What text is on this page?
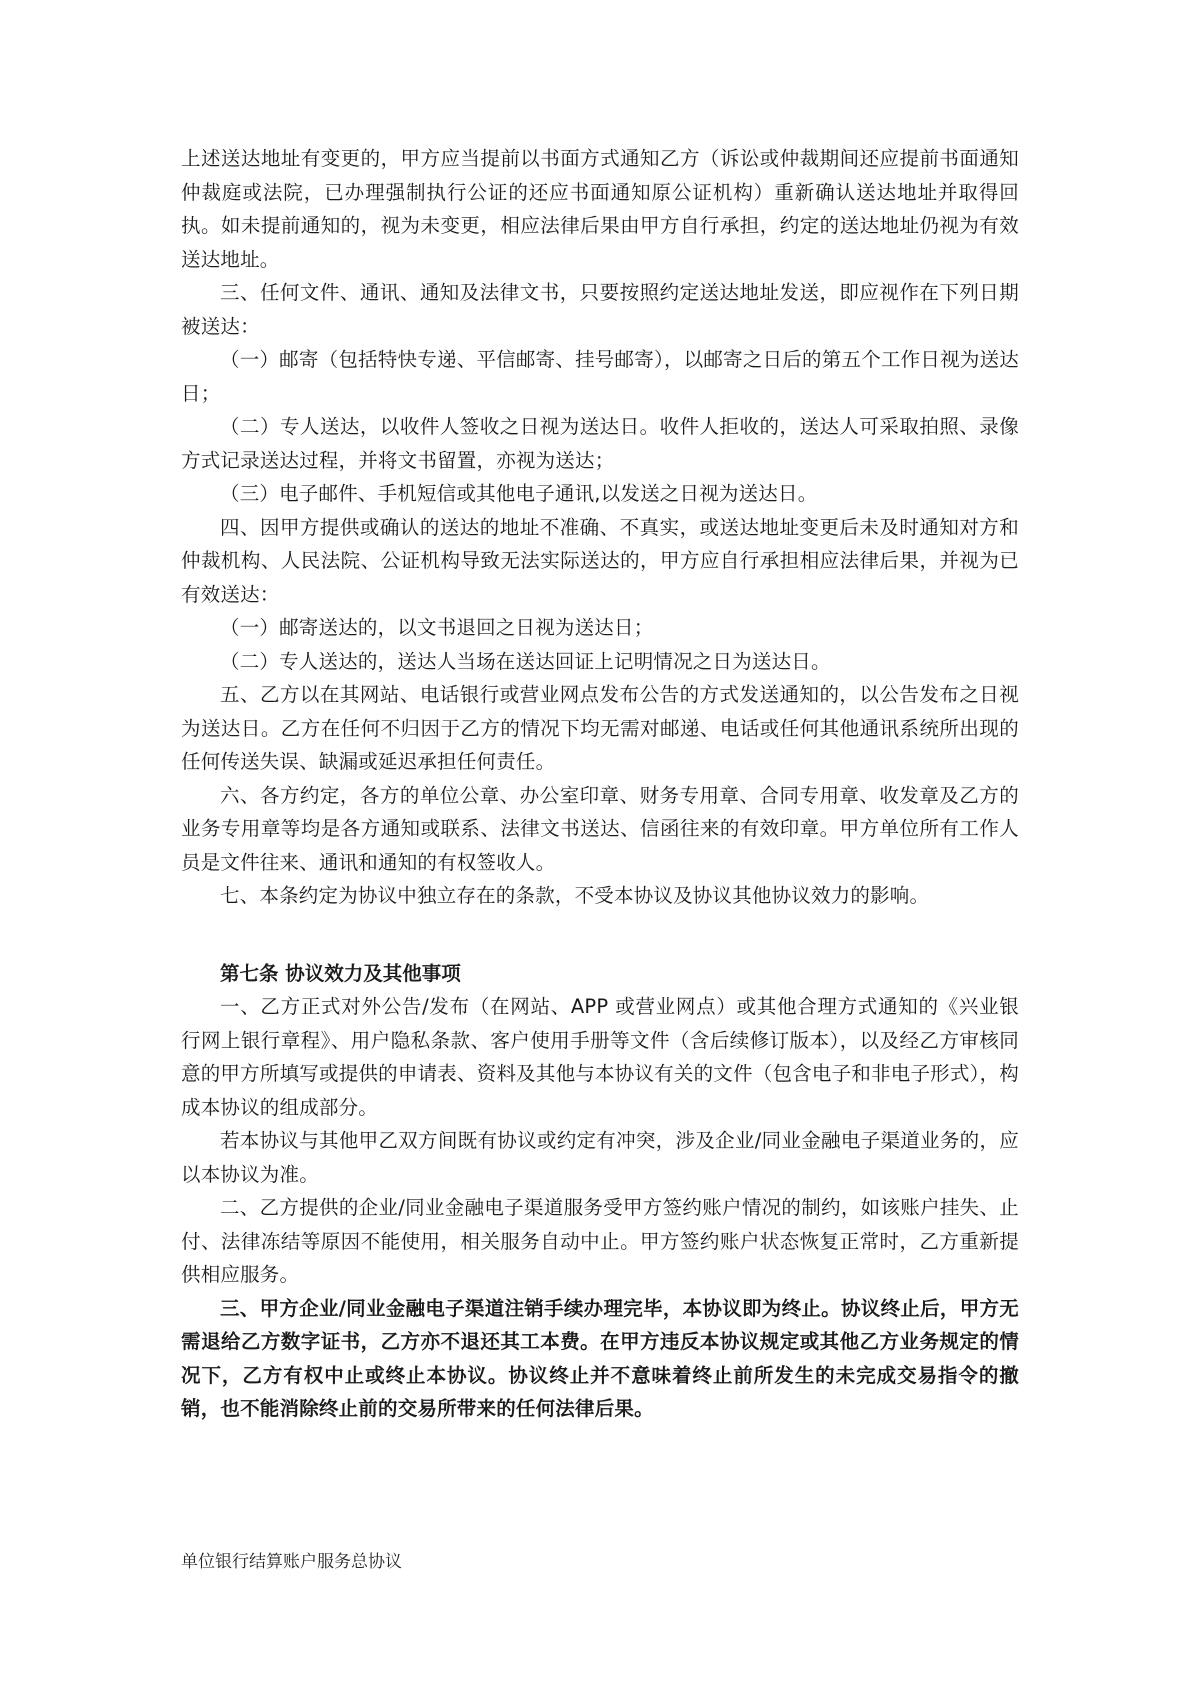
上述送达地址有变更的，甲方应当提前以书面方式通知乙方（诉讼或仲裁期间还应提前书面通知仲裁庭或法院，已办理强制执行公证的还应书面通知原公证机构）重新确认送达地址并取得回执。如未提前通知的，视为未变更，相应法律后果由甲方自行承担，约定的送达地址仍视为有效送达地址。

三、任何文件、通讯、通知及法律文书，只要按照约定送达地址发送，即应视作在下列日期被送达：

（一）邮寄（包括特快专递、平信邮寄、挂号邮寄），以邮寄之日后的第五个工作日视为送达日；

（二）专人送达，以收件人签收之日视为送达日。收件人拒收的，送达人可采取拍照、录像方式记录送达过程，并将文书留置，亦视为送达；

（三）电子邮件、手机短信或其他电子通讯,以发送之日视为送达日。

四、因甲方提供或确认的送达的地址不准确、不真实，或送达地址变更后未及时通知对方和仲裁机构、人民法院、公证机构导致无法实际送达的，甲方应自行承担相应法律后果，并视为已有效送达：

（一）邮寄送达的，以文书退回之日视为送达日；

（二）专人送达的，送达人当场在送达回证上记明情况之日为送达日。

五、乙方以在其网站、电话银行或营业网点发布公告的方式发送通知的，以公告发布之日视为送达日。乙方在任何不归因于乙方的情况下均无需对邮递、电话或任何其他通讯系统所出现的任何传送失误、缺漏或延迟承担任何责任。

六、各方约定，各方的单位公章、办公室印章、财务专用章、合同专用章、收发章及乙方的业务专用章等均是各方通知或联系、法律文书送达、信函往来的有效印章。甲方单位所有工作人员是文件往来、通讯和通知的有权签收人。

七、本条约定为协议中独立存在的条款，不受本协议及协议其他协议效力的影响。

第七条 协议效力及其他事项

一、乙方正式对外公告/发布（在网站、APP 或营业网点）或其他合理方式通知的《兴业银行网上银行章程》、用户隐私条款、客户使用手册等文件（含后续修订版本），以及经乙方审核同意的甲方所填写或提供的申请表、资料及其他与本协议有关的文件（包含电子和非电子形式），构成本协议的组成部分。

若本协议与其他甲乙双方间既有协议或约定有冲突，涉及企业/同业金融电子渠道业务的，应以本协议为准。

二、乙方提供的企业/同业金融电子渠道服务受甲方签约账户情况的制约，如该账户挂失、止付、法律冻结等原因不能使用，相关服务自动中止。甲方签约账户状态恢复正常时，乙方重新提供相应服务。

三、甲方企业/同业金融电子渠道注销手续办理完毕，本协议即为终止。协议终止后，甲方无需退给乙方数字证书，乙方亦不退还其工本费。在甲方违反本协议规定或其他乙方业务规定的情况下，乙方有权中止或终止本协议。协议终止并不意味着终止前所发生的未完成交易指令的撤销，也不能消除终止前的交易所带来的任何法律后果。

单位银行结算账户服务总协议
